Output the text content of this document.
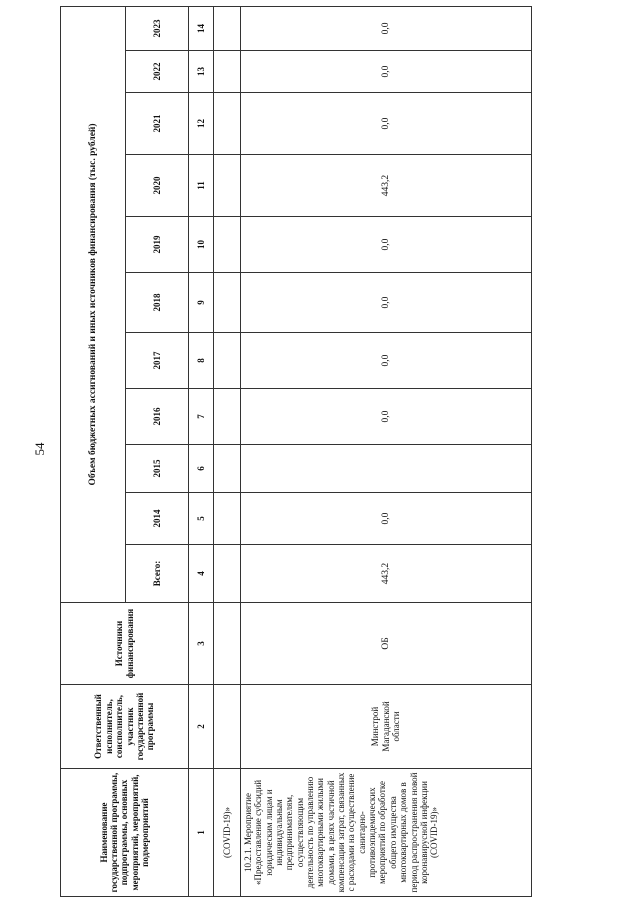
54
Наименование государственной программы, подпрограммы, основных мероприятий, мероприятий, подмероприятий	Ответственный исполнитель, соисполнитель, участник государственной программы	Источники финансирования	Объем бюджетных ассигнований и иных источников финансирования (тыс. рублей)										
			Всего:	2014	2015	2016	2017	2018	2019	2020	2021	2022	2023
1	2	3	4	5	6	7	8	9	10	11	12	13	14
(COVID-19)»													
10.2.1. Мероприятие «Предоставление субсидий юридическим лицам и индивидуальным предпринимателям, осуществляющим деятельность по управлению многоквартирными жилыми домами, в целях частичной компенсации затрат, связанных с расходами на осуществление санитарно-противоэпидемических мероприятий по обработке общего имущества многоквартирных домов в период распространения новой коронавирусной инфекции (COVID-19)»	Минстрой Магаданской области	ОБ	443,2	0,0		0,0	0,0	0,0	0,0	443,2	0,0	0,0	0,0
